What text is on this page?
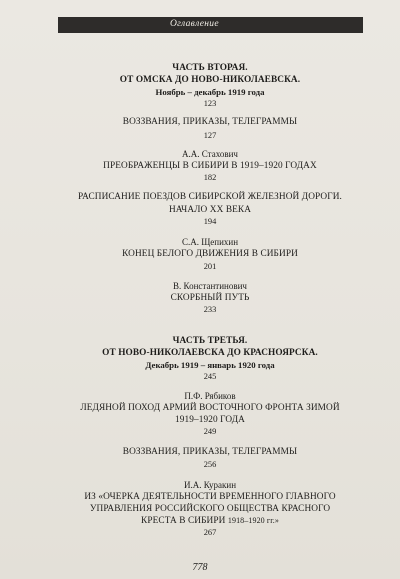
Оглавление
ЧАСТЬ ВТОРАЯ.
ОТ ОМСКА ДО НОВО-НИКОЛАЕВСКА.
Ноябрь – декабрь 1919 года
123
ВОЗЗВАНИЯ, ПРИКАЗЫ, ТЕЛЕГРАММЫ
127
А.А. Стахович
ПРЕОБРАЖЕНЦЫ В СИБИРИ В 1919–1920 ГОДАХ
182
РАСПИСАНИЕ ПОЕЗДОВ СИБИРСКОЙ ЖЕЛЕЗНОЙ ДОРОГИ.
НАЧАЛО XX ВЕКА
194
С.А. Щепихин
КОНЕЦ БЕЛОГО ДВИЖЕНИЯ В СИБИРИ
201
В. Константинович
СКОРБНЫЙ ПУТЬ
233
ЧАСТЬ ТРЕТЬЯ.
ОТ НОВО-НИКОЛАЕВСКА ДО КРАСНОЯРСКА.
Декабрь 1919 – январь 1920 года
245
П.Ф. Рябиков
ЛЕДЯНОЙ ПОХОД АРМИЙ ВОСТОЧНОГО ФРОНТА ЗИМОЙ
1919–1920 ГОДА
249
ВОЗЗВАНИЯ, ПРИКАЗЫ, ТЕЛЕГРАММЫ
256
И.А. Куракин
ИЗ «ОЧЕРКА ДЕЯТЕЛЬНОСТИ ВРЕМЕННОГО ГЛАВНОГО
УПРАВЛЕНИЯ РОССИЙСКОГО ОБЩЕСТВА КРАСНОГО
КРЕСТА В СИБИРИ 1918–1920 гг.»
267
778
